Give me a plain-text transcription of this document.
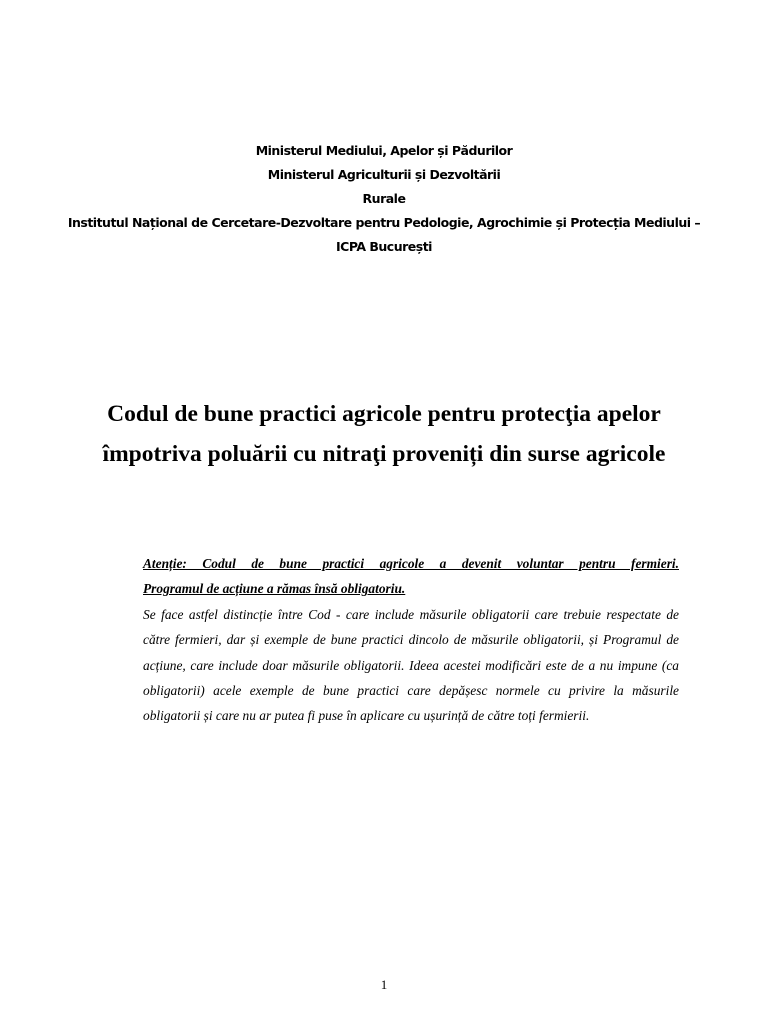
Ministerul Mediului, Apelor și Pădurilor
Ministerul Agriculturii și Dezvoltării
Rurale
Institutul Național de Cercetare-Dezvoltare pentru Pedologie, Agrochimie și Protecția Mediului –
ICPA București
Codul de bune practici agricole pentru protecţia apelor
împotriva poluării cu nitraţi proveniți din surse agricole
Atenție: Codul de bune practici agricole a devenit voluntar pentru fermieri.
Programul de acțiune a rămas însă obligatoriu.
Se face astfel distincție între Cod - care include măsurile obligatorii care trebuie respectate de către fermieri, dar și exemple de bune practici dincolo de măsurile obligatorii, și Programul de acțiune, care include doar măsurile obligatorii. Ideea acestei modificări este de a nu impune (ca obligatorii) acele exemple de bune practici care depășesc normele cu privire la măsurile obligatorii și care nu ar putea fi puse în aplicare cu ușurință de către toți fermierii.
1
